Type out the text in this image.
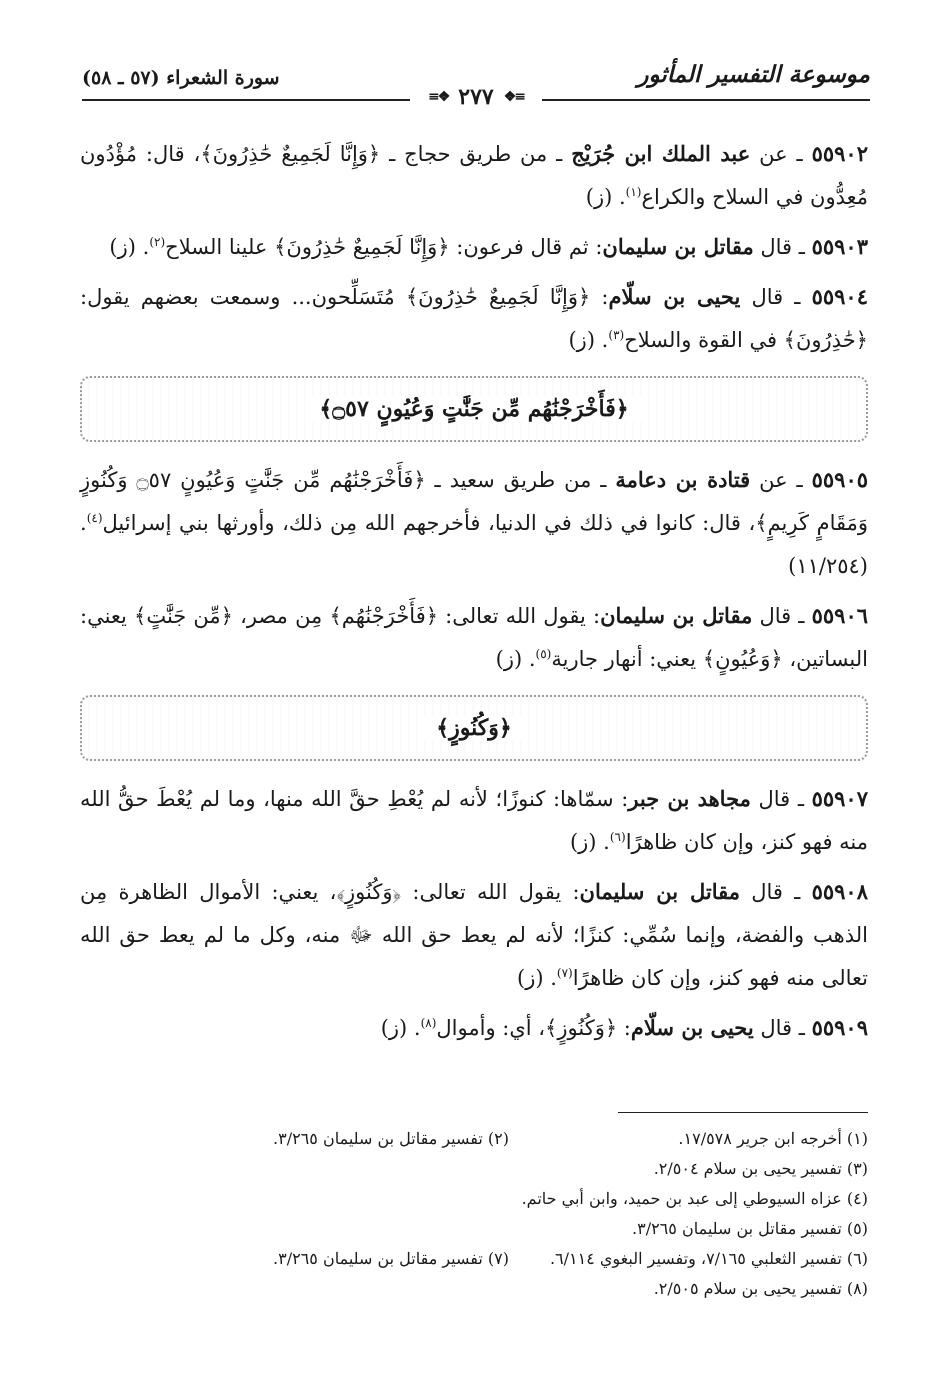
موسوعة التفسير المأثور
سورة الشعراء (٥٧ ـ ٥٨)
≡❖
٢٧٧
❖≡

٥٥٩٠٢ ـ عن عبد الملك ابن جُرَيْج ـ من طريق حجاج ـ ﴿وَإِنَّا لَجَمِيعٌ حَٰذِرُونَ﴾، قال: مُؤْدُون مُعِدُّون في السلاح والكراع$^{(١)}$. (ز)

٥٥٩٠٣ ـ قال مقاتل بن سليمان: ثم قال فرعون: ﴿وَإِنَّا لَجَمِيعٌ حَٰذِرُونَ﴾ علينا السلاح$^{(٢)}$. (ز)

٥٥٩٠٤ ـ قال يحيى بن سلّام: ﴿وَإِنَّا لَجَمِيعٌ حَٰذِرُونَ﴾ مُتَسَلِّحون... وسمعت بعضهم يقول: ﴿حَٰذِرُونَ﴾ في القوة والسلاح$^{(٣)}$. (ز)

﴿فَأَخْرَجْنَٰهُم مِّن جَنَّٰتٍ وَعُيُونٍ ۝٥٧﴾

٥٥٩٠٥ ـ عن قتادة بن دعامة ـ من طريق سعيد ـ ﴿فَأَخْرَجْنَٰهُم مِّن جَنَّٰتٍ وَعُيُونٍ ۝٥٧ وَكُنُوزٍ وَمَقَامٍ كَرِيمٍ﴾، قال: كانوا في ذلك في الدنيا، فأخرجهم الله مِن ذلك، وأورثها بني إسرائيل$^{(٤)}$. (١١/٢٥٤)

٥٥٩٠٦ ـ قال مقاتل بن سليمان: يقول الله تعالى: ﴿فَأَخْرَجْنَٰهُم﴾ مِن مصر، ﴿مِّن جَنَّٰتٍ﴾ يعني: البساتين، ﴿وَعُيُونٍ﴾ يعني: أنهار جارية$^{(٥)}$. (ز)

﴿وَكُنُوزٍ﴾

٥٥٩٠٧ ـ قال مجاهد بن جبر: سمّاها: كنوزًا؛ لأنه لم يُعْطِ حقَّ الله منها، وما لم يُعْطَ حقُّ الله منه فهو كنز، وإن كان ظاهرًا$^{(٦)}$. (ز)

٥٥٩٠٨ ـ قال مقاتل بن سليمان: يقول الله تعالى: ﴿وَكُنُوزٍ﴾، يعني: الأموال الظاهرة مِن الذهب والفضة، وإنما سُمِّي: كنزًا؛ لأنه لم يعط حق الله ﷻ منه، وكل ما لم يعط حق الله تعالى منه فهو كنز، وإن كان ظاهرًا$^{(٧)}$. (ز)

٥٥٩٠٩ ـ قال يحيى بن سلّام: ﴿وَكُنُوزٍ﴾، أي: وأموال$^{(٨)}$. (ز)

(١) أخرجه ابن جرير ١٧/٥٧٨.
(٢) تفسير مقاتل بن سليمان ٣/٢٦٥.
(٣) تفسير يحيى بن سلام ٢/٥٠٤.
(٤) عزاه السيوطي إلى عبد بن حميد، وابن أبي حاتم.
(٥) تفسير مقاتل بن سليمان ٣/٢٦٥.
(٦) تفسير الثعلبي ٧/١٦٥، وتفسير البغوي ٦/١١٤.
(٧) تفسير مقاتل بن سليمان ٣/٢٦٥.
(٨) تفسير يحيى بن سلام ٢/٥٠٥.
